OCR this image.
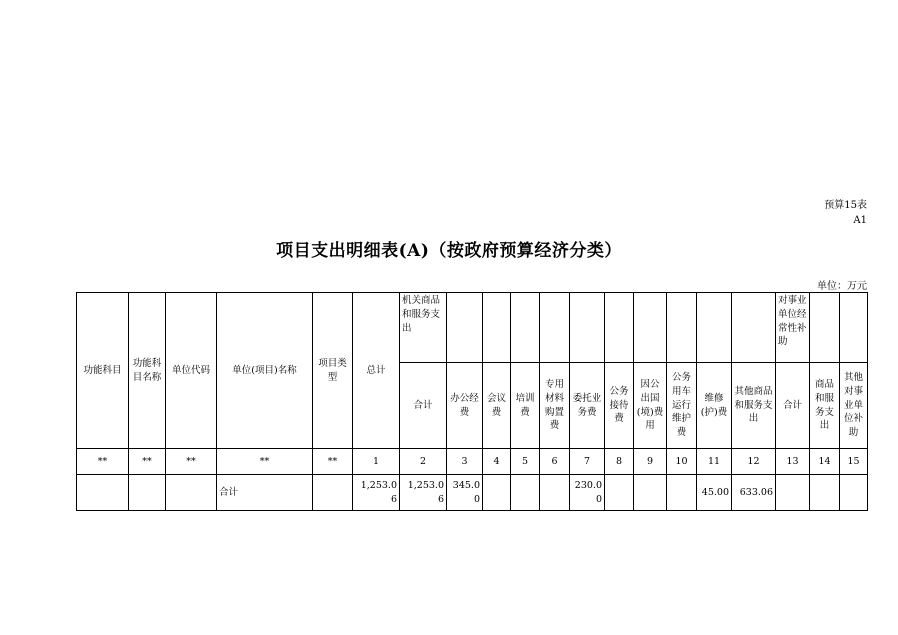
预算15表
A1
项目支出明细表(A)（按政府预算经济分类）
单位：万元
功能科目	功能科目名称	单位代码	单位(项目)名称	项目类型	总计	机关商品和服务支出											对事业单位经常性补助		
						合计	办公经费	会议费	培训费	专用材料购置费	委托业务费	公务接待费	因公出国(境)费用	公务用车运行维护费	维修(护)费	其他商品和服务支出	合计	商品和服务支出	其他对事业单位补助
**	**	**	**	**	1	2	3	4	5	6	7	8	9	10	11	12	13	14	15
			合计		1,253.06	1,253.06	345.00				230.00				45.00	633.06			
